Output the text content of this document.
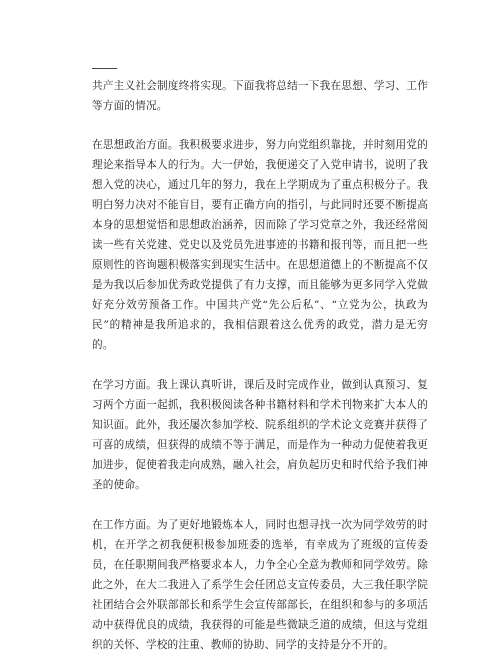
共产主义社会制度终将实现。下面我将总结一下我在思想、学习、工作等方面的情况。

在思想政治方面。我积极要求进步，努力向党组织靠拢，并时刻用党的理论来指导本人的行为。大一伊始，我便递交了入党申请书，说明了我想入党的决心，通过几年的努力，我在上学期成为了重点积极分子。我明白努力决对不能盲目，要有正确方向的指引，与此同时还要不断提高本身的思想觉悟和思想政治涵养，因而除了学习党章之外，我还经常阅读一些有关党建、党史以及党员先进事迹的书籍和报刊等，而且把一些原则性的咨询题积极落实到现实生活中。在思想道德上的不断提高不仅是为我以后参加优秀政党提供了有力支撑，而且能够为更多同学入党做好充分效劳预备工作。中国共产党“先公后私”、“立党为公，执政为民”的精神是我所追求的，我相信跟着这么优秀的政党，潜力是无穷的。

在学习方面。我上课认真听讲，课后及时完成作业，做到认真预习、复习两个方面一起抓，我积极阅读各种书籍材料和学术刊物来扩大本人的知识面。此外，我还屡次参加学校、院系组织的学术论文竞赛并获得了可喜的成绩，但获得的成绩不等于满足，而是作为一种动力促使着我更加进步，促使着我走向成熟，融入社会，肩负起历史和时代给予我们神圣的使命。

在工作方面。为了更好地锻炼本人，同时也想寻找一次为同学效劳的时机，在开学之初我便积极参加班委的选举，有幸成为了班级的宣传委员，在任职期间我严格要求本人，力争全心全意为教师和同学效劳。除此之外，在大二我进入了系学生会任团总支宣传委员，大三我任职学院社团结合会外联部部长和系学生会宣传部部长，在组织和参与的多项活动中获得优良的成绩，我获得的可能是些微缺乏道的成绩，但这与党组织的关怀、学校的注重、教师的协助、同学的支持是分不开的。
